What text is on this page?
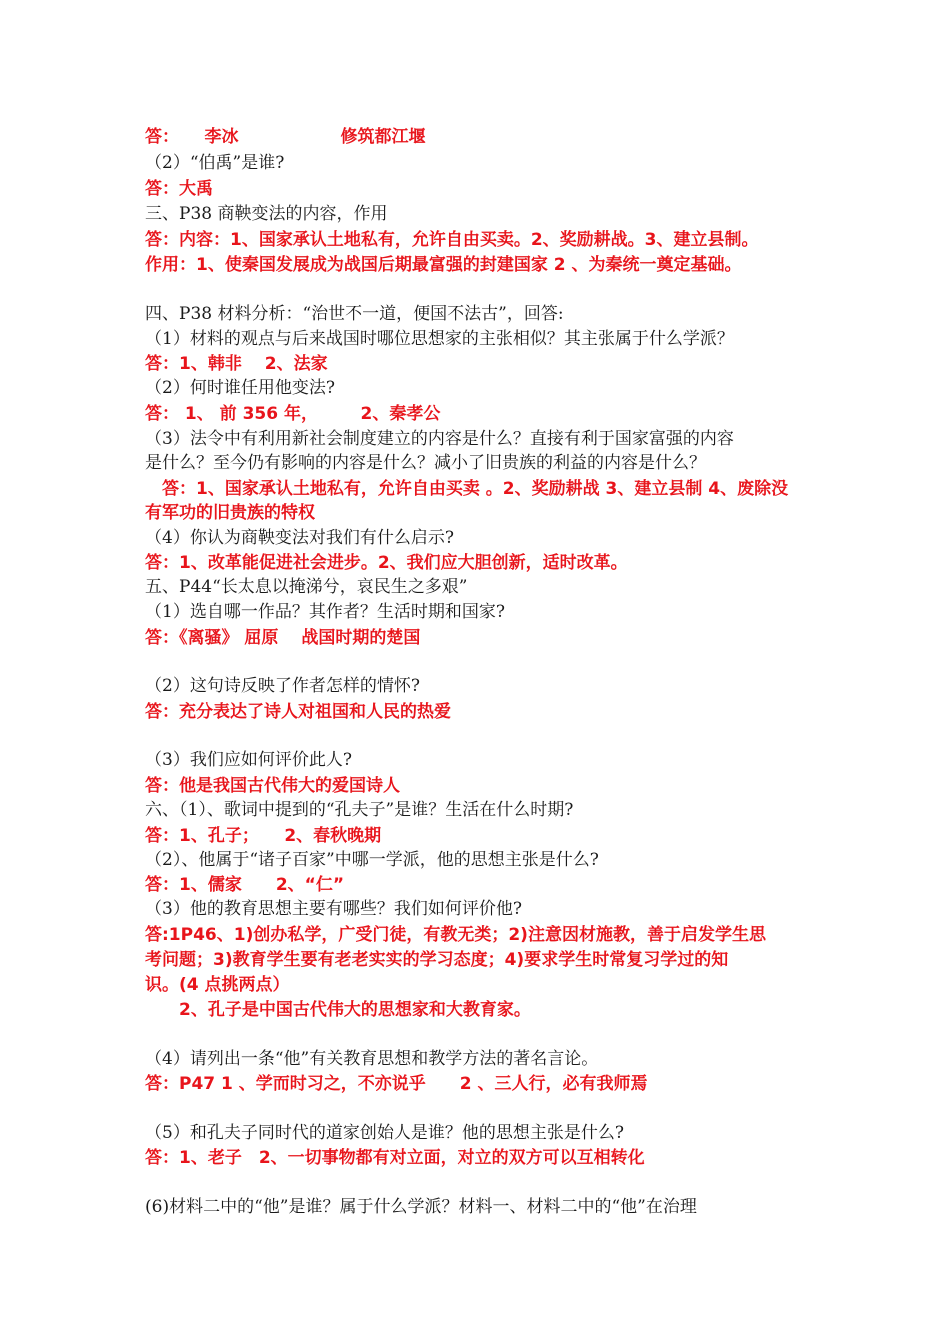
答：　　李冰　　　　　　修筑都江堰
（2）“伯禹”是谁?
答：大禹
三、P38 商鞅变法的内容，作用
答：内容：1、国家承认土地私有，允许自由买卖。2、奖励耕战。3、建立县制。
作用：1、使秦国发展成为战国后期最富强的封建国家 2 、为秦统一奠定基础。
四、P38 材料分析：“治世不一道，便国不法古”，回答:
（1）材料的观点与后来战国时哪位思想家的主张相似？其主张属于什么学派？
答：1、韩非　 2、法家
（2）何时谁任用他变法?
答： 1、 前 356 年，　　　2、秦孝公
（3）法令中有利用新社会制度建立的内容是什么？直接有利于国家富强的内容
是什么？至今仍有影响的内容是什么？减小了旧贵族的利益的内容是什么？
　答：1、国家承认土地私有，允许自由买卖 。2、奖励耕战 3、建立县制 4、废除没
有军功的旧贵族的特权
（4）你认为商鞅变法对我们有什么启示?
答：1、改革能促进社会进步。2、我们应大胆创新，适时改革。
五、P44“长太息以掩涕兮，哀民生之多艰”
（1）选自哪一作品？其作者？生活时期和国家?
答：《离骚》 屈原　 战国时期的楚国
（2）这句诗反映了作者怎样的情怀?
答：充分表达了诗人对祖国和人民的热爱
（3）我们应如何评价此人?
答：他是我国古代伟大的爱国诗人
六、（1）、歌词中提到的“孔夫子”是谁？生活在什么时期?
答：1、孔子；　　2、春秋晚期
（2）、他属于“诸子百家”中哪一学派，他的思想主张是什么?
答：1、儒家　　2、“仁”
（3）他的教育思想主要有哪些？我们如何评价他?
答:1P46、1)创办私学，广受门徒，有教无类；2)注意因材施教，善于启发学生思
考问题；3)教育学生要有老老实实的学习态度；4)要求学生时常复习学过的知
识。(4 点挑两点）
　　2、孔子是中国古代伟大的思想家和大教育家。
（4）请列出一条“他”有关教育思想和教学方法的著名言论。
答：P47 1 、学而时习之，不亦说乎　　2 、三人行，必有我师焉
（5）和孔夫子同时代的道家创始人是谁？他的思想主张是什么?
答：1、老子　2、一切事物都有对立面，对立的双方可以互相转化
(6)材料二中的“他”是谁？属于什么学派？材料一、材料二中的“他”在治理
